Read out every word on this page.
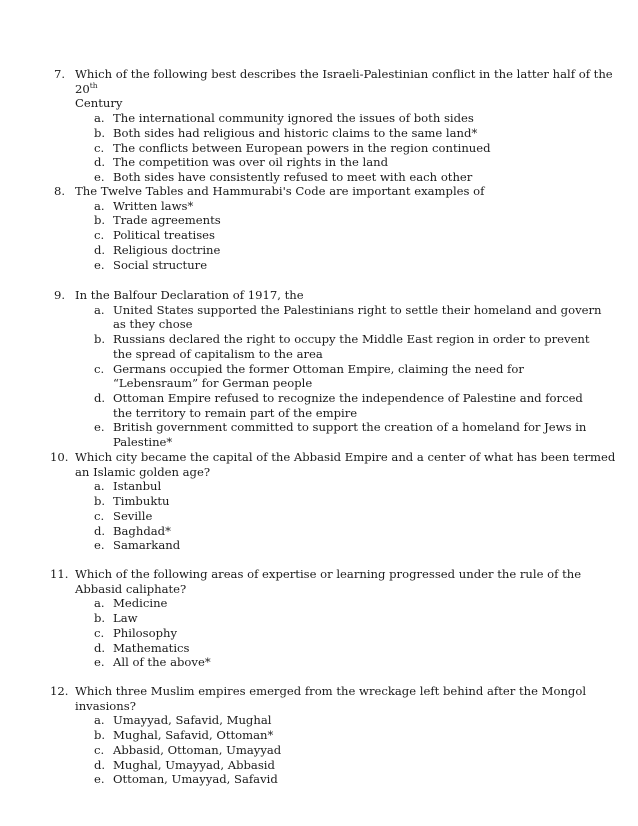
7. Which of the following best describes the Israeli-Palestinian conflict in the latter half of the 20th
Century
a. The international community ignored the issues of both sides
b. Both sides had religious and historic claims to the same land*
c. The conflicts between European powers in the region continued
d. The competition was over oil rights in the land
e. Both sides have consistently refused to meet with each other
8. The Twelve Tables and Hammurabi's Code are important examples of
a. Written laws*
b. Trade agreements
c. Political treatises
d. Religious doctrine
e. Social structure
9. In the Balfour Declaration of 1917, the
a. United States supported the Palestinians right to settle their homeland and govern as they chose
b. Russians declared the right to occupy the Middle East region in order to prevent the spread of capitalism to the area
c. Germans occupied the former Ottoman Empire, claiming the need for “Lebensraum” for German people
d. Ottoman Empire refused to recognize the independence of Palestine and forced the territory to remain part of the empire
e. British government committed to support the creation of a homeland for Jews in Palestine*
10. Which city became the capital of the Abbasid Empire and a center of what has been termed an Islamic golden age?
a. Istanbul
b. Timbuktu
c. Seville
d. Baghdad*
e. Samarkand
11. Which of the following areas of expertise or learning progressed under the rule of the Abbasid caliphate?
a. Medicine
b. Law
c. Philosophy
d. Mathematics
e. All of the above*
12. Which three Muslim empires emerged from the wreckage left behind after the Mongol invasions?
a. Umayyad, Safavid, Mughal
b. Mughal, Safavid, Ottoman*
c. Abbasid, Ottoman, Umayyad
d. Mughal, Umayyad, Abbasid
e. Ottoman, Umayyad, Safavid
